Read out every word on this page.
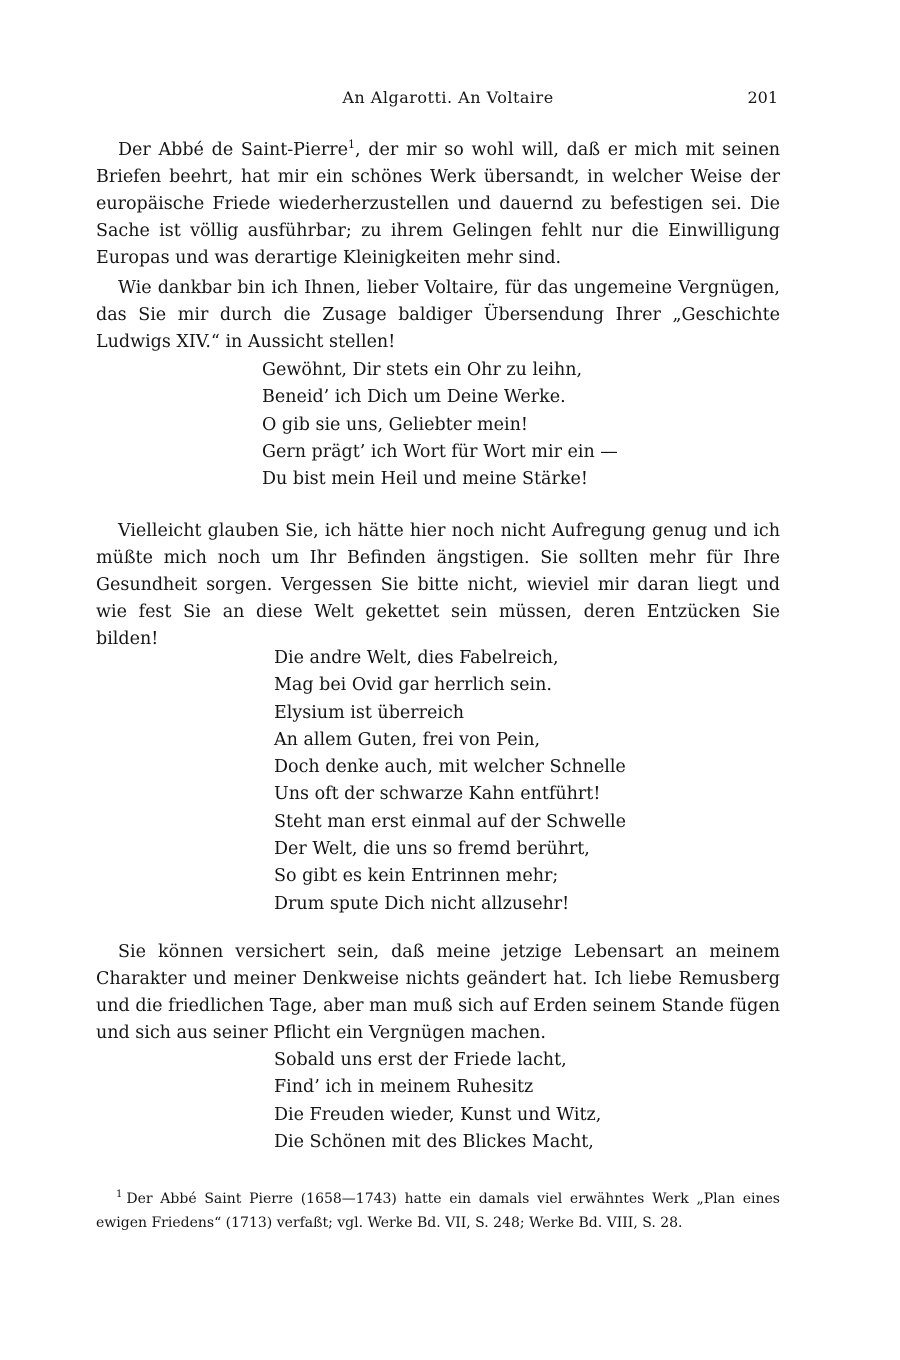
An Algarotti. An Voltaire	201

Der Abbé de Saint-Pierre$^1$, der mir so wohl will, daß er mich mit seinen Briefen beehrt, hat mir ein schönes Werk übersandt, in welcher Weise der europäische Friede wiederherzustellen und dauernd zu befestigen sei. Die Sache ist völlig ausführbar; zu ihrem Gelingen fehlt nur die Einwilligung Europas und was derartige Kleinigkeiten mehr sind.

Wie dankbar bin ich Ihnen, lieber Voltaire, für das ungemeine Vergnügen, das Sie mir durch die Zusage baldiger Übersendung Ihrer „Geschichte Ludwigs XIV.“ in Aussicht stellen!

Gewöhnt, Dir stets ein Ohr zu leihn,
Beneid’ ich Dich um Deine Werke.
O gib sie uns, Geliebter mein!
Gern prägt’ ich Wort für Wort mir ein —
Du bist mein Heil und meine Stärke!

Vielleicht glauben Sie, ich hätte hier noch nicht Aufregung genug und ich müßte mich noch um Ihr Befinden ängstigen. Sie sollten mehr für Ihre Gesundheit sorgen. Vergessen Sie bitte nicht, wieviel mir daran liegt und wie fest Sie an diese Welt gekettet sein müssen, deren Entzücken Sie bilden!

Die andre Welt, dies Fabelreich,
Mag bei Ovid gar herrlich sein.
Elysium ist überreich
An allem Guten, frei von Pein,
Doch denke auch, mit welcher Schnelle
Uns oft der schwarze Kahn entführt!
Steht man erst einmal auf der Schwelle
Der Welt, die uns so fremd berührt,
So gibt es kein Entrinnen mehr;
Drum spute Dich nicht allzusehr!

Sie können versichert sein, daß meine jetzige Lebensart an meinem Charakter und meiner Denkweise nichts geändert hat. Ich liebe Remusberg und die friedlichen Tage, aber man muß sich auf Erden seinem Stande fügen und sich aus seiner Pflicht ein Vergnügen machen.

Sobald uns erst der Friede lacht,
Find’ ich in meinem Ruhesitz
Die Freuden wieder, Kunst und Witz,
Die Schönen mit des Blickes Macht,

$^1$ Der Abbé Saint Pierre (1658—1743) hatte ein damals viel erwähntes Werk „Plan eines ewigen Friedens“ (1713) verfaßt; vgl. Werke Bd. VII, S. 248; Werke Bd. VIII, S. 28.
